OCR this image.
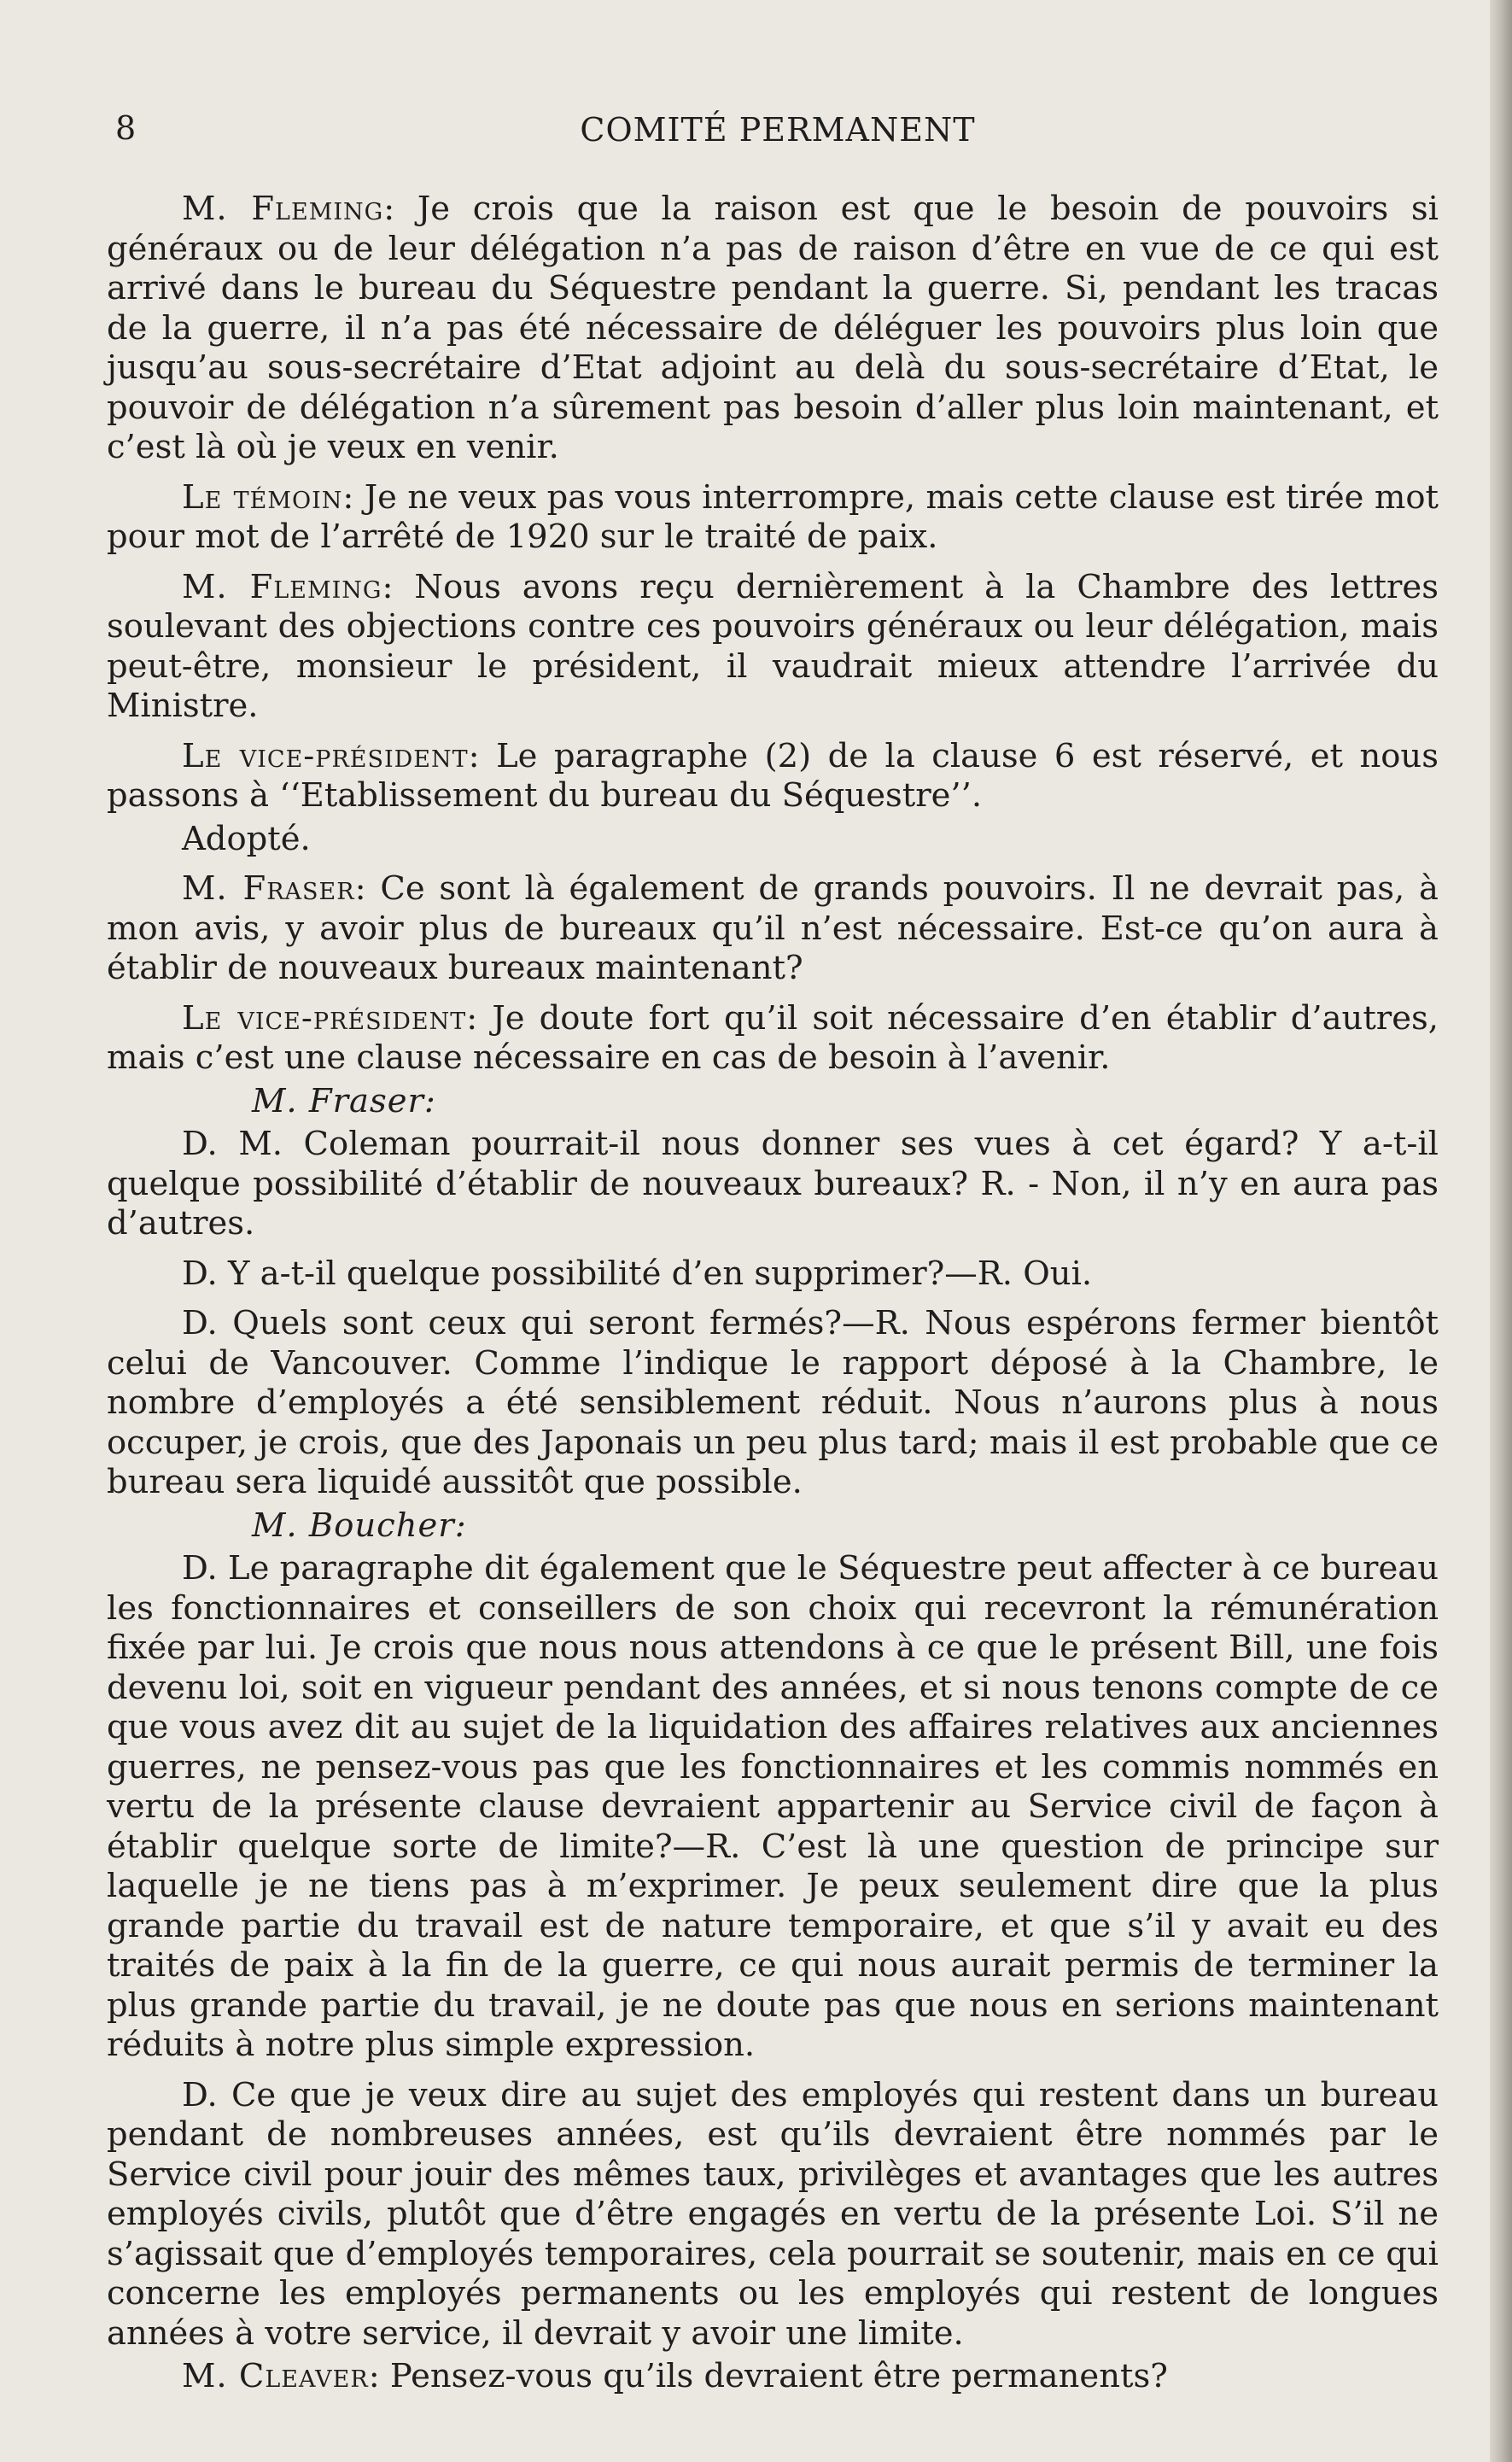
8	COMITÉ PERMANENT

M. Fleming: Je crois que la raison est que le besoin de pouvoirs si généraux ou de leur délégation n’a pas de raison d’être en vue de ce qui est arrivé dans le bureau du Séquestre pendant la guerre. Si, pendant les tracas de la guerre, il n’a pas été nécessaire de déléguer les pouvoirs plus loin que jusqu’au sous-secrétaire d’Etat adjoint au delà du sous-secrétaire d’Etat, le pouvoir de délégation n’a sûrement pas besoin d’aller plus loin maintenant, et c’est là où je veux en venir.

Le témoin: Je ne veux pas vous interrompre, mais cette clause est tirée mot pour mot de l’arrêté de 1920 sur le traité de paix.

M. Fleming: Nous avons reçu dernièrement à la Chambre des lettres soulevant des objections contre ces pouvoirs généraux ou leur délégation, mais peut-être, monsieur le président, il vaudrait mieux attendre l’arrivée du Ministre.

Le vice-président: Le paragraphe (2) de la clause 6 est réservé, et nous passons à ‘‘Etablissement du bureau du Séquestre’’.

Adopté.

M. Fraser: Ce sont là également de grands pouvoirs. Il ne devrait pas, à mon avis, y avoir plus de bureaux qu’il n’est nécessaire. Est-ce qu’on aura à établir de nouveaux bureaux maintenant?

Le vice-président: Je doute fort qu’il soit nécessaire d’en établir d’autres, mais c’est une clause nécessaire en cas de besoin à l’avenir.

M. Fraser:

D. M. Coleman pourrait-il nous donner ses vues à cet égard? Y a-t-il quelque possibilité d’établir de nouveaux bureaux? R. - Non, il n’y en aura pas d’autres.

D. Y a-t-il quelque possibilité d’en supprimer?—R. Oui.

D. Quels sont ceux qui seront fermés?—R. Nous espérons fermer bientôt celui de Vancouver. Comme l’indique le rapport déposé à la Chambre, le nombre d’employés a été sensiblement réduit. Nous n’aurons plus à nous occuper, je crois, que des Japonais un peu plus tard; mais il est probable que ce bureau sera liquidé aussitôt que possible.

M. Boucher:

D. Le paragraphe dit également que le Séquestre peut affecter à ce bureau les fonctionnaires et conseillers de son choix qui recevront la rémunération fixée par lui. Je crois que nous nous attendons à ce que le présent Bill, une fois devenu loi, soit en vigueur pendant des années, et si nous tenons compte de ce que vous avez dit au sujet de la liquidation des affaires relatives aux anciennes guerres, ne pensez-vous pas que les fonctionnaires et les commis nommés en vertu de la présente clause devraient appartenir au Service civil de façon à établir quelque sorte de limite?—R. C’est là une question de principe sur laquelle je ne tiens pas à m’exprimer. Je peux seulement dire que la plus grande partie du travail est de nature temporaire, et que s’il y avait eu des traités de paix à la fin de la guerre, ce qui nous aurait permis de terminer la plus grande partie du travail, je ne doute pas que nous en serions maintenant réduits à notre plus simple expression.

D. Ce que je veux dire au sujet des employés qui restent dans un bureau pendant de nombreuses années, est qu’ils devraient être nommés par le Service civil pour jouir des mêmes taux, privilèges et avantages que les autres employés civils, plutôt que d’être engagés en vertu de la présente Loi. S’il ne s’agissait que d’employés temporaires, cela pourrait se soutenir, mais en ce qui concerne les employés permanents ou les employés qui restent de longues années à votre service, il devrait y avoir une limite.

M. Cleaver: Pensez-vous qu’ils devraient être permanents?
